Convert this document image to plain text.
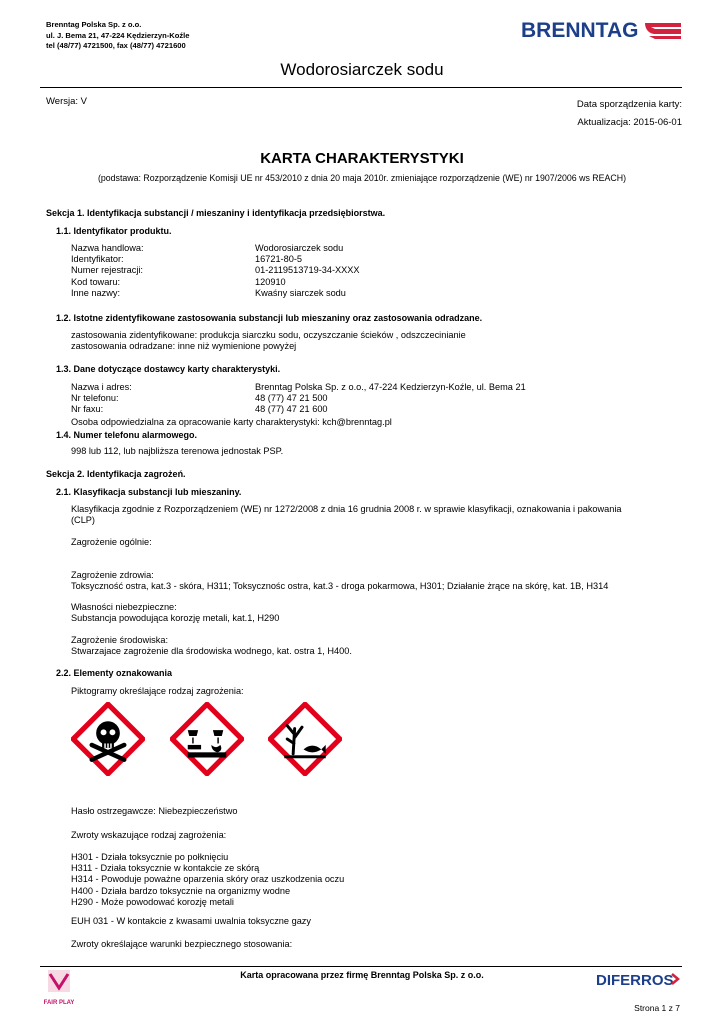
Brenntag Polska Sp. z o.o.
ul. J. Bema 21, 47-224 Kędzierzyn-Koźle
tel (48/77) 4721500, fax (48/77) 4721600
BRENNTAG
Wodorosiarczek sodu
Wersja: V	Data sporządzenia karty:
Aktualizacja: 2015-06-01
KARTA CHARAKTERYSTYKI
(podstawa: Rozporządzenie Komisji UE nr 453/2010 z dnia 20 maja 2010r. zmieniające rozporządzenie (WE) nr 1907/2006 ws REACH)
Sekcja 1. Identyfikacja substancji / mieszaniny i identyfikacja przedsiębiorstwa.
1.1. Identyfikator produktu.
Nazwa handlowa:
Identyfikator:
Numer rejestracji:
Kod towaru:
Inne nazwy:
Wodorosiarczek sodu
16721-80-5
01-2119513719-34-XXXX
120910
Kwaśny siarczek sodu
1.2. Istotne zidentyfikowane zastosowania substancji lub mieszaniny oraz zastosowania odradzane.
zastosowania zidentyfikowane: produkcja siarczku sodu, oczyszczanie ścieków , odszczecinianie
zastosowania odradzane: inne niż wymienione powyżej
1.3. Dane dotyczące dostawcy karty charakterystyki.
Nazwa i adres:
Nr telefonu:
Nr faxu:
Brenntag Polska Sp. z o.o., 47-224 Kedzierzyn-Koźle, ul. Bema 21
48 (77) 47 21 500
48 (77) 47 21 600
Osoba odpowiedzialna za opracowanie karty charakterystyki: kch@brenntag.pl
1.4. Numer telefonu alarmowego.
998 lub 112, lub najbliższa terenowa jednostak PSP.
Sekcja 2. Identyfikacja zagrożeń.
2.1. Klasyfikacja substancji lub mieszaniny.
Klasyfikacja zgodnie z Rozporządzeniem (WE) nr 1272/2008 z dnia 16 grudnia 2008 r. w sprawie klasyfikacji, oznakowania i pakowania
(CLP)
Zagrożenie ogólnie:
Zagrożenie zdrowia:
Toksyczność ostra, kat.3 - skóra, H311; Toksycznośc ostra, kat.3 - droga pokarmowa, H301; Działanie żrące na skórę, kat. 1B, H314
Własności niebezpieczne:
Substancja powodująca korozję metali, kat.1, H290
Zagrożenie środowiska:
Stwarzajace zagrożenie dla środowiska wodnego, kat. ostra 1, H400.
2.2. Elementy oznakowania
Piktogramy określające rodzaj zagrożenia:
Hasło ostrzegawcze: Niebezpieczeństwo
Zwroty wskazujące rodzaj zagrożenia:
H301 - Działa toksycznie po połknięciu
H311 - Działa toksycznie w kontakcie ze skórą
H314 - Powoduje poważne oparzenia skóry oraz uszkodzenia oczu
H400 - Działa bardzo toksycznie na organizmy wodne
H290 - Może powodować korozję metali
EUH 031 - W kontakcie z kwasami uwalnia toksyczne gazy
Zwroty określające warunki bezpiecznego stosowania:
FAIR PLAY
Karta opracowana przez firmę Brenntag Polska Sp. z o.o.	DIFERROS
Strona 1 z 7
